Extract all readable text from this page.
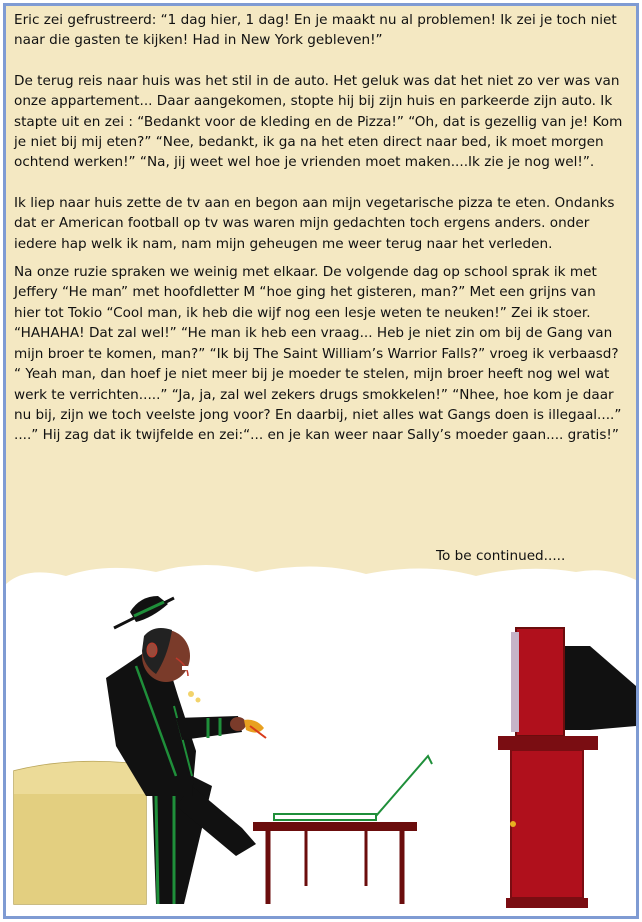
Eric zei gefrustreerd: “1 dag hier, 1 dag! En je maakt nu al problemen! Ik zei je toch niet naar die gasten te kijken! Had in New York gebleven!”

De terug reis naar huis was het stil in de auto. Het geluk was dat het niet zo ver was van onze appartement... Daar aangekomen, stopte hij bij zijn huis en parkeerde zijn auto. Ik stapte uit en zei : “Bedankt voor de kleding en de Pizza!” “Oh, dat is gezellig van je! Kom je niet bij mij eten?” “Nee, bedankt, ik ga na het eten direct naar bed, ik moet morgen ochtend werken!” “Na, jij weet wel hoe je vrienden moet maken....Ik zie je nog wel!”.

Ik liep naar huis zette de tv aan en begon aan mijn vegetarische pizza te eten. Ondanks dat er American football op tv was waren mijn gedachten toch ergens anders. onder iedere hap welk ik nam, nam mijn geheugen me weer terug naar het verleden.

Na onze ruzie spraken we weinig met elkaar. De volgende dag op school sprak ik met Jeffery “He man” met hoofdletter M “hoe ging het gisteren, man?” Met een grijns van hier tot Tokio “Cool man, ik heb die wijf nog een lesje weten te neuken!” Zei ik stoer. “HAHAHA! Dat zal wel!” “He man ik heb een vraag... Heb je niet zin om bij de Gang van mijn broer te komen, man?” “Ik bij The Saint William’s Warrior Falls?” vroeg ik verbaasd? “ Yeah man, dan hoef je niet meer bij je moeder te stelen, mijn broer heeft nog wel wat werk te verrichten.....” “Ja, ja, zal wel zekers drugs smokkelen!” “Nhee, hoe kom je daar nu bij, zijn we toch veelste jong voor? En daarbij, niet alles wat Gangs doen is illegaal....” ....” Hij zag dat ik twijfelde en zei:“... en je kan weer naar Sally’s moeder gaan.... gratis!”

To be continued.....
